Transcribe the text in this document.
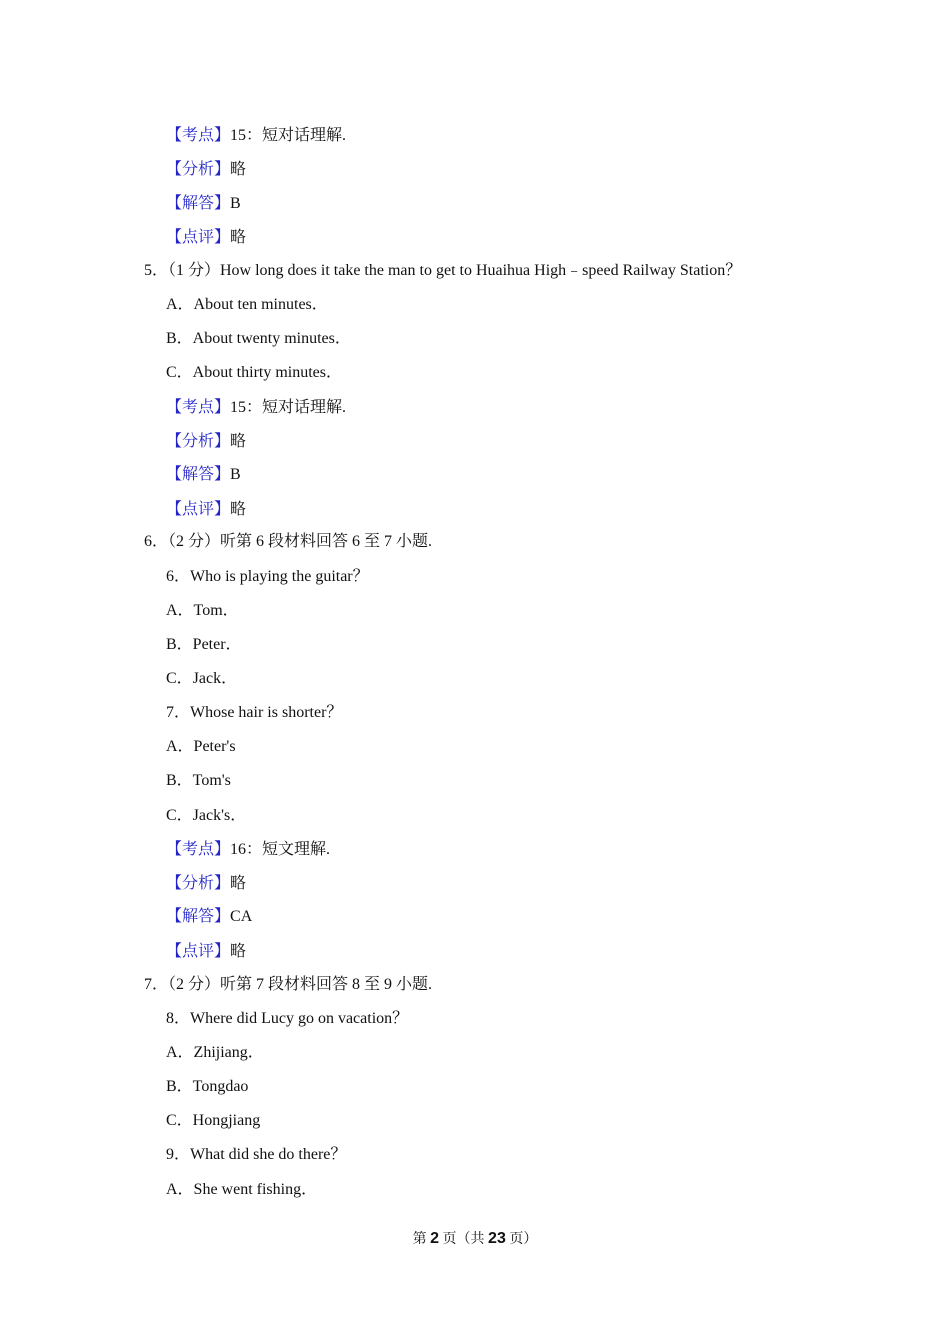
【考点】15：短对话理解.
【分析】略
【解答】B
【点评】略
5．（1 分）How long does it take the man to get to Huaihua High﹣speed Railway Station？
A．About ten minutes．
B．About twenty minutes．
C．About thirty minutes．
【考点】15：短对话理解.
【分析】略
【解答】B
【点评】略
6．（2 分）听第 6 段材料回答 6 至 7 小题.
6．Who is playing the guitar？
A．Tom．
B．Peter．
C．Jack．
7．Whose hair is shorter？
A．Peter's
B．Tom's
C．Jack's．
【考点】16：短文理解.
【分析】略
【解答】CA
【点评】略
7．（2 分）听第 7 段材料回答 8 至 9 小题.
8．Where did Lucy go on vacation？
A．Zhijiang．
B．Tongdao
C．Hongjiang
9．What did she do there？
A．She went fishing．
第 2 页（共 23 页）
